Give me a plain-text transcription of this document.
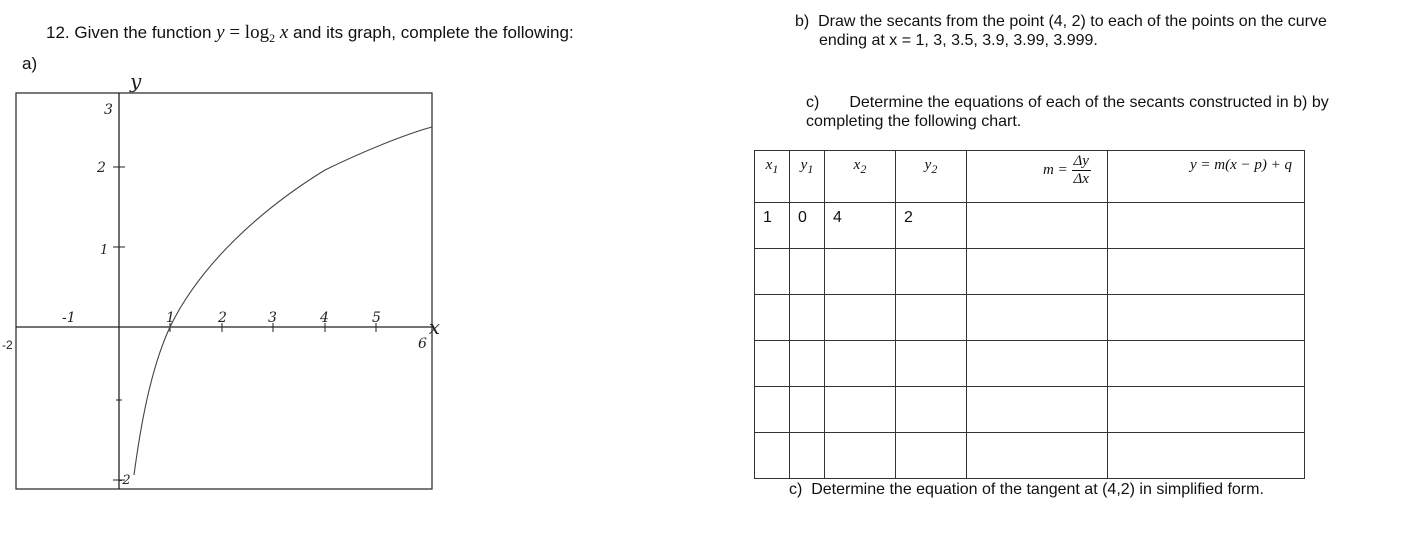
12. Given the function $y = \log_2 x$ and its graph, complete the following:
a)
y
x
-1	1	2	3	4	5
6
3
2
1
-2
-2
b) Draw the secants from the point (4, 2) to each of the points on the curve
ending at x = 1, 3, 3.5, 3.9, 3.99, 3.999.
c) Determine the equations of each of the secants constructed in b) by
completing the following chart.
$x_1$	$y_1$	$x_2$	$y_2$	$m = \frac{\Delta y}{\Delta x}$	y = m(x − p) + q
1	0	4	2		

c) Determine the equation of the tangent at (4,2) in simplified form.
